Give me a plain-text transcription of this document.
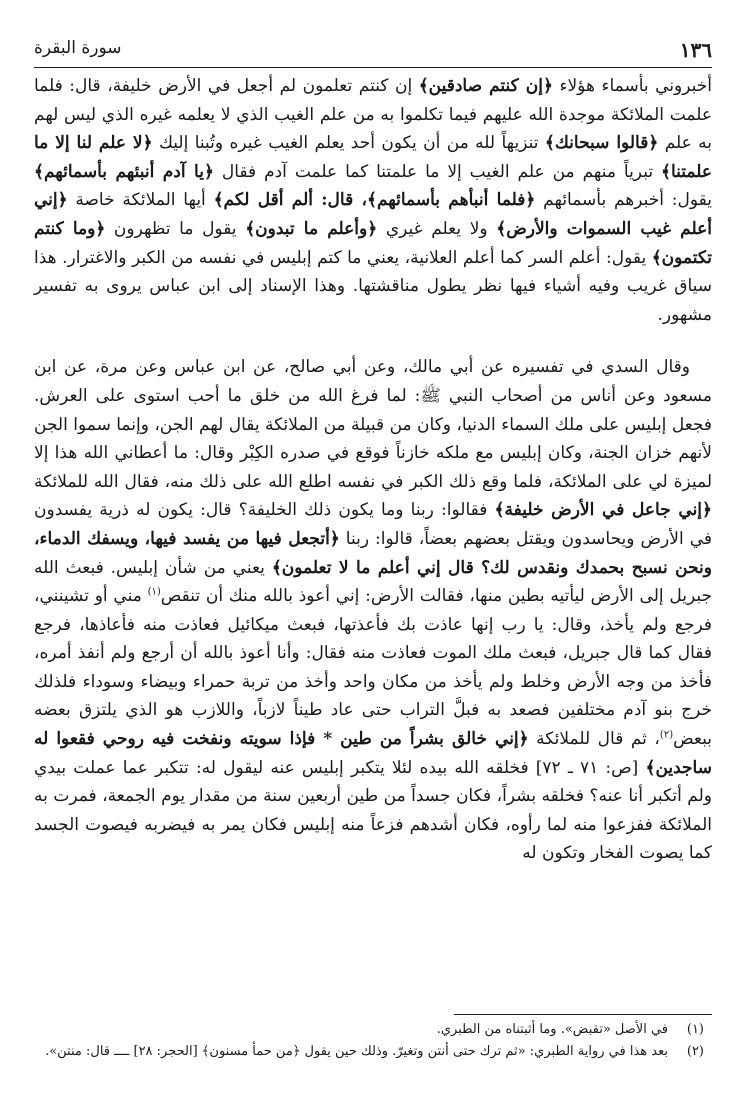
١٣٦
سورة البقرة

أخبروني بأسماء هؤلاء ﴿إن كنتم صادقين﴾ إن كنتم تعلمون لم أجعل في الأرض خليفة، قال: فلما علمت الملائكة موجدة الله عليهم فيما تكلموا به من علم الغيب الذي لا يعلمه غيره الذي ليس لهم به علم ﴿قالوا سبحانك﴾ تنزيهاً لله من أن يكون أحد يعلم الغيب غيره وتُبنا إليك ﴿لا علم لنا إلا ما علمتنا﴾ تبرياً منهم من علم الغيب إلا ما علمتنا كما علمت آدم فقال ﴿يا آدم أنبئهم بأسمائهم﴾ يقول: أخبرهم بأسمائهم ﴿فلما أنبأهم بأسمائهم﴾، قال: ألم أقل لكم﴾ أيها الملائكة خاصة ﴿إني أعلم غيب السموات والأرض﴾ ولا يعلم غيري ﴿وأعلم ما تبدون﴾ يقول ما تظهرون ﴿وما كنتم تكتمون﴾ يقول: أعلم السر كما أعلم العلانية، يعني ما كتم إبليس في نفسه من الكبر والاغترار. هذا سياق غريب وفيه أشياء فيها نظر يطول مناقشتها. وهذا الإسناد إلى ابن عباس يروى به تفسير مشهور.

وقال السدي في تفسيره عن أبي مالك، وعن أبي صالح، عن ابن عباس وعن مرة، عن ابن مسعود وعن أناس من أصحاب النبي ﷺ: لما فرغ الله من خلق ما أحب استوى على العرش. فجعل إبليس على ملك السماء الدنيا، وكان من قبيلة من الملائكة يقال لهم الجن، وإنما سموا الجن لأنهم خزان الجنة، وكان إبليس مع ملكه خازناً فوقع في صدره الكِبْر وقال: ما أعطاني الله هذا إلا لميزة لي على الملائكة، فلما وقع ذلك الكبر في نفسه اطلع الله على ذلك منه، فقال الله للملائكة ﴿إني جاعل في الأرض خليفة﴾ فقالوا: ربنا وما يكون ذلك الخليفة؟ قال: يكون له ذرية يفسدون في الأرض ويحاسدون ويقتل بعضهم بعضاً، قالوا: ربنا ﴿أتجعل فيها من يفسد فيها، ويسفك الدماء، ونحن نسبح بحمدك ونقدس لك؟ قال إني أعلم ما لا تعلمون﴾ يعني من شأن إبليس. فبعث الله جبريل إلى الأرض ليأتيه بطين منها، فقالت الأرض: إني أعوذ بالله منك أن تنقص$^{(١)}$ مني أو تشينني، فرجع ولم يأخذ، وقال: يا رب إنها عاذت بك فأعذتها، فبعث ميكائيل فعاذت منه فأعاذها، فرجع فقال كما قال جبريل، فبعث ملك الموت فعاذت منه فقال: وأنا أعوذ بالله أن أرجع ولم أنفذ أمره، فأخذ من وجه الأرض وخلط ولم يأخذ من مكان واحد وأخذ من تربة حمراء وبيضاء وسوداء فلذلك خرج بنو آدم مختلفين فصعد به فبلَّ التراب حتى عاد طيناً لازباً، واللازب هو الذي يلتزق بعضه ببعض$^{(٢)}$، ثم قال للملائكة ﴿إني خالق بشراً من طين * فإذا سويته ونفخت فيه روحي فقعوا له ساجدين﴾ [ص: ٧١ ـ ٧٢] فخلقه الله بيده لئلا يتكبر إبليس عنه ليقول له: تتكبر عما عملت بيدي ولم أتكبر أنا عنه؟ فخلقه بشراً، فكان جسداً من طين أربعين سنة من مقدار يوم الجمعة، فمرت به الملائكة ففزعوا منه لما رأوه، فكان أشدهم فزعاً منه إبليس فكان يمر به فيضربه فيصوت الجسد كما يصوت الفخار وتكون له

(١)
في الأصل «تقبض». وما أثبتناه من الطبري.
(٢)
بعد هذا في رواية الطبري: «ثم ترك حتى أنتن وتغيرّ. وذلك حين يقول ﴿من حمأ مسنون﴾ [الحجر: ٢٨] ــــ قال: منتن».
